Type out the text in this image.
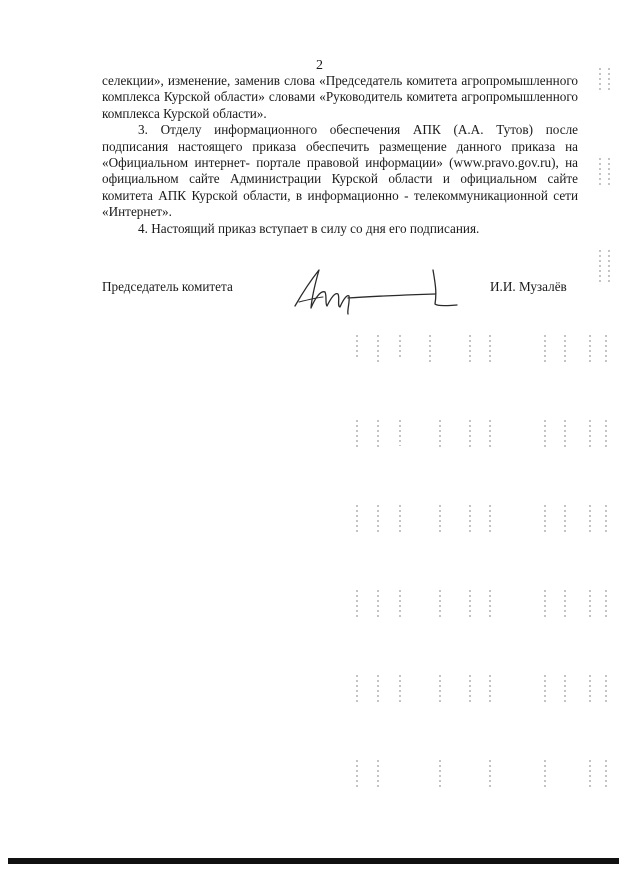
2

селекции», изменение, заменив слова «Председатель комитета агропромышленного комплекса Курской области» словами «Руководитель комитета агропромышленного комплекса Курской области».

3. Отделу информационного обеспечения АПК (А.А. Тутов) после подписания настоящего приказа обеспечить размещение данного приказа на «Официальном интернет- портале правовой информации» (www.pravo.gov.ru), на официальном сайте Администрации Курской области и официальном сайте комитета АПК Курской области, в информационно - телекоммуникационной сети «Интернет».

4. Настоящий приказ вступает в силу со дня его подписания.

Председатель комитета	И.И. Музалёв
